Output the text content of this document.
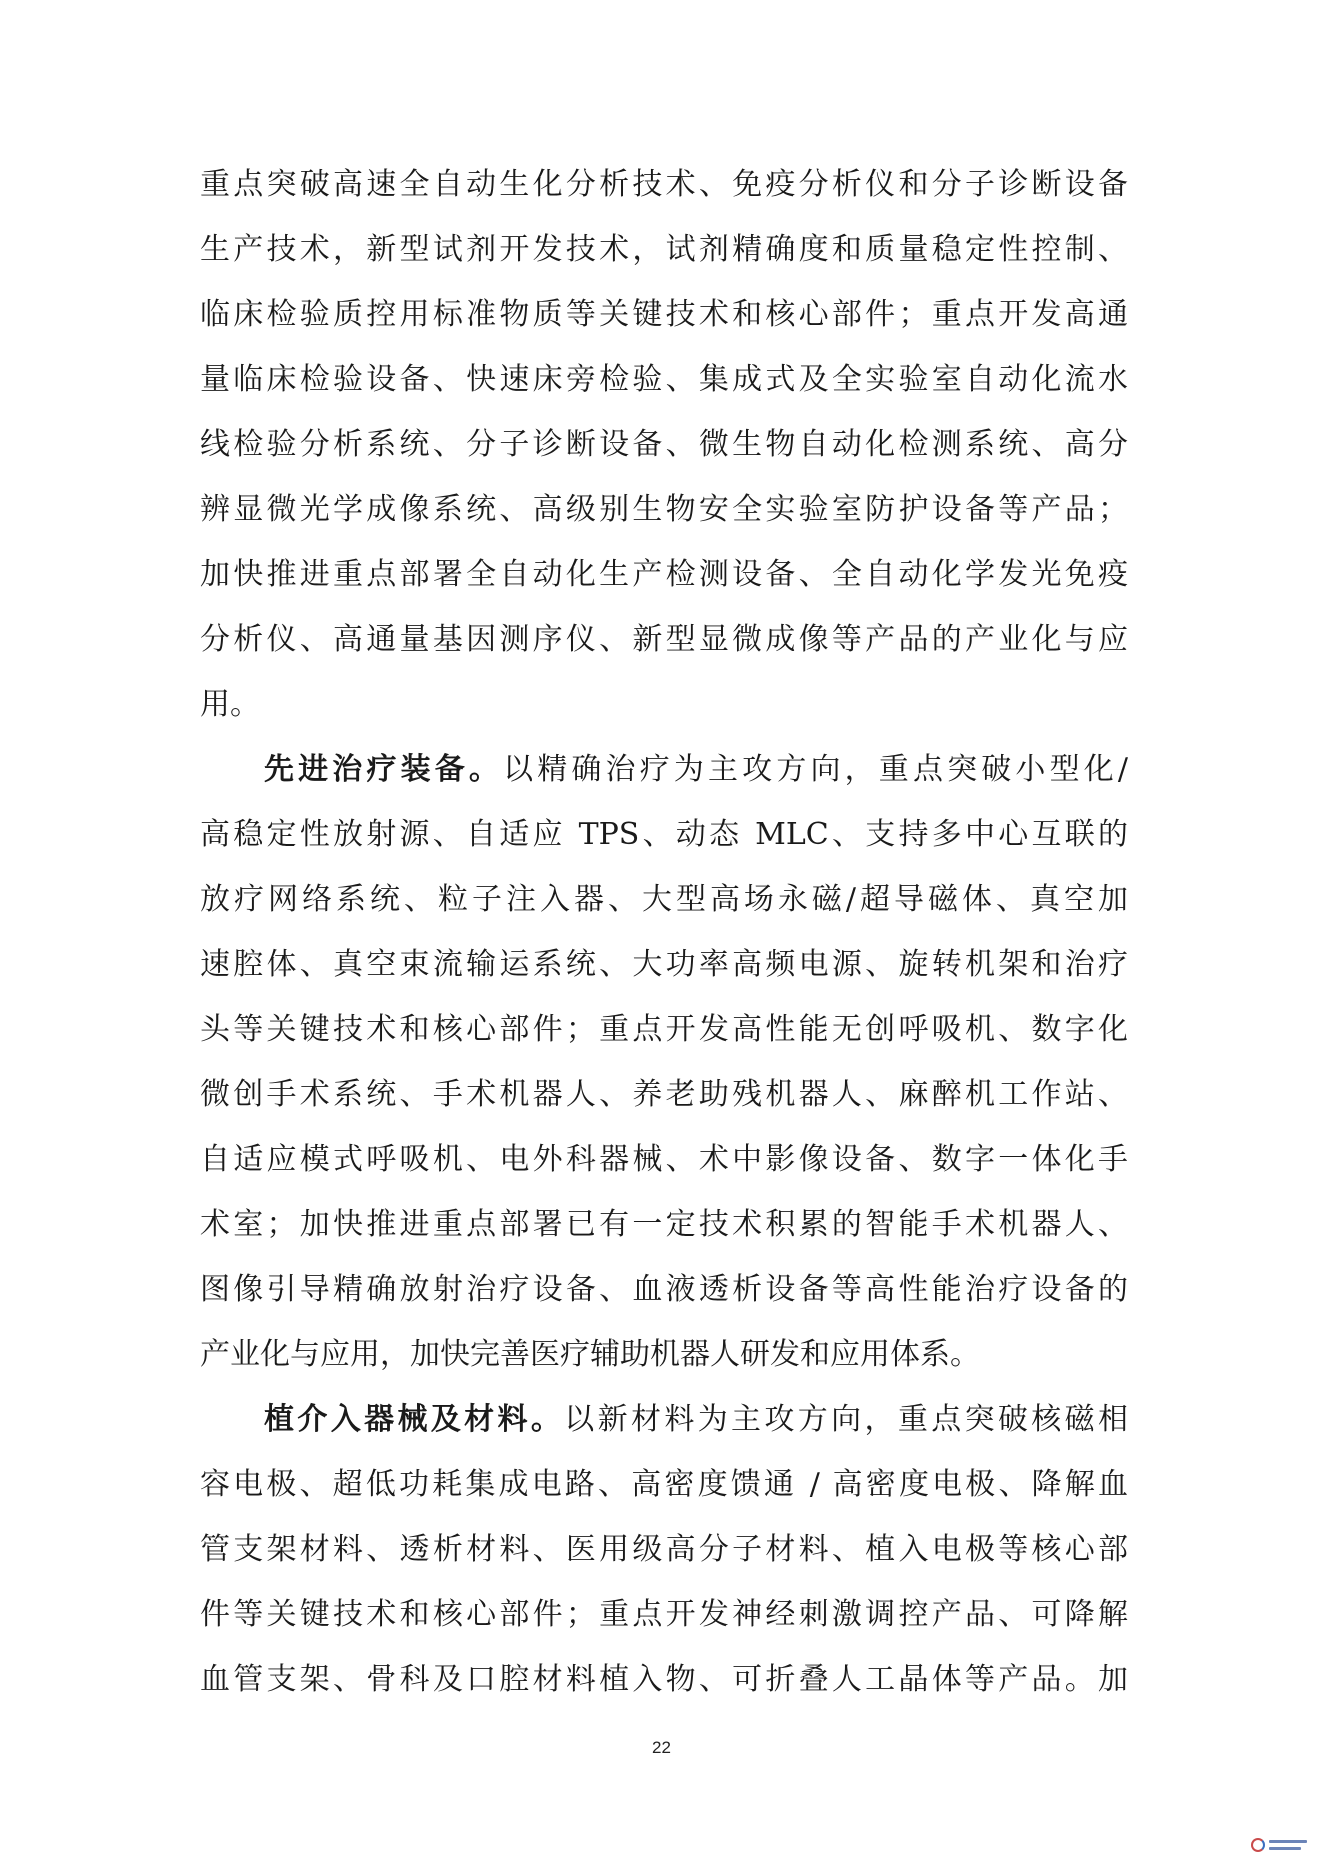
重点突破高速全自动生化分析技术、免疫分析仪和分子诊断设备
生产技术，新型试剂开发技术，试剂精确度和质量稳定性控制、
临床检验质控用标准物质等关键技术和核心部件；重点开发高通
量临床检验设备、快速床旁检验、集成式及全实验室自动化流水
线检验分析系统、分子诊断设备、微生物自动化检测系统、高分
辨显微光学成像系统、高级别生物安全实验室防护设备等产品；
加快推进重点部署全自动化生产检测设备、全自动化学发光免疫
分析仪、高通量基因测序仪、新型显微成像等产品的产业化与应
用。
先进治疗装备。以精确治疗为主攻方向，重点突破小型化/
高稳定性放射源、自适应 TPS、动态 MLC、支持多中心互联的
放疗网络系统、粒子注入器、大型高场永磁/超导磁体、真空加
速腔体、真空束流输运系统、大功率高频电源、旋转机架和治疗
头等关键技术和核心部件；重点开发高性能无创呼吸机、数字化
微创手术系统、手术机器人、养老助残机器人、麻醉机工作站、
自适应模式呼吸机、电外科器械、术中影像设备、数字一体化手
术室；加快推进重点部署已有一定技术积累的智能手术机器人、
图像引导精确放射治疗设备、血液透析设备等高性能治疗设备的
产业化与应用，加快完善医疗辅助机器人研发和应用体系。
植介入器械及材料。以新材料为主攻方向，重点突破核磁相
容电极、超低功耗集成电路、高密度馈通 / 高密度电极、降解血
管支架材料、透析材料、医用级高分子材料、植入电极等核心部
件等关键技术和核心部件；重点开发神经刺激调控产品、可降解
血管支架、骨科及口腔材料植入物、可折叠人工晶体等产品。加
22
